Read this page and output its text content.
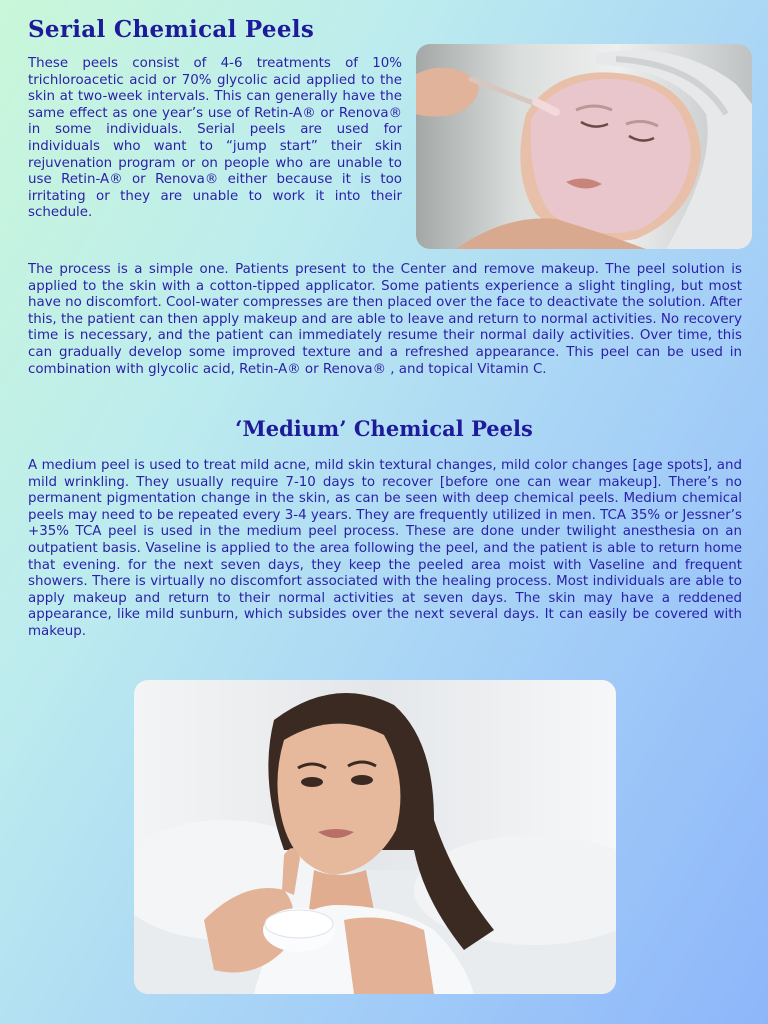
Serial Chemical Peels

These peels consist of 4-6 treatments of 10% trichloroacetic acid or 70% glycolic acid applied to the skin at two-week intervals. This can generally have the same effect as one year’s use of Retin-A® or Renova® in some individuals. Serial peels are used for individuals who want to “jump start” their skin rejuvenation program or on people who are unable to use Retin-A® or Renova® either because it is too irritating or they are unable to work it into their schedule.

The process is a simple one. Patients present to the Center and remove makeup. The peel solution is applied to the skin with a cotton-tipped applicator. Some patients experience a slight tingling, but most have no discomfort. Cool-water compresses are then placed over the face to deactivate the solution. After this, the patient can then apply makeup and are able to leave and return to normal activities. No recovery time is necessary, and the patient can immediately resume their normal daily activities. Over time, this can gradually develop some improved texture and a refreshed appearance. This peel can be used in combination with glycolic acid, Retin-A® or Renova® , and topical Vitamin C.

‘Medium’ Chemical Peels

A medium peel is used to treat mild acne, mild skin textural changes, mild color changes [age spots], and mild wrinkling. They usually require 7-10 days to recover [before one can wear makeup]. There’s no permanent pigmentation change in the skin, as can be seen with deep chemical peels. Medium chemical peels may need to be repeated every 3-4 years. They are frequently utilized in men. TCA 35% or Jessner’s +35% TCA peel is used in the medium peel process. These are done under twilight anesthesia on an outpatient basis. Vaseline is applied to the area following the peel, and the patient is able to return home that evening. for the next seven days, they keep the peeled area moist with Vaseline and frequent showers. There is virtually no discomfort associated with the healing process. Most individuals are able to apply makeup and return to their normal activities at seven days. The skin may have a reddened appearance, like mild sunburn, which subsides over the next several days. It can easily be covered with makeup.
